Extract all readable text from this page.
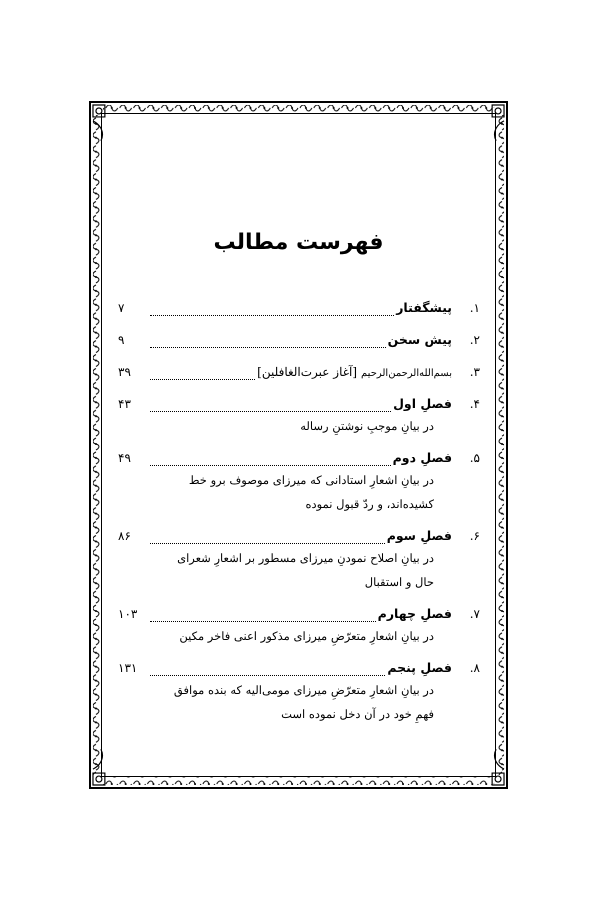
فهرست مطالب
۱.
پیشگفتار
۷
۲.
پیش سخن
۹
۳.
بسم‌الله‌الرحمن‌الرحیم
[آغاز عبرت‌الغافلین]
۳۹
۴.
فصلِ اول
۴۳
در بیانِ موجبِ نوشتنِ رساله
۵.
فصلِ دوم
۴۹
در بیانِ اشعارِ استادانی که میرزای موصوف برو خط کشیده‌اند، و ردّ قبول نموده
۶.
فصلِ سوم
۸۶
در بیانِ اصلاح نمودنِ میرزای مسطور بر اشعارِ شعرای حال و استقبال
۷.
فصلِ چهارم
۱۰۳
در بیانِ اشعارِ متعرّضِ میرزای مذکور اعنی فاخر مکین
۸.
فصلِ پنجم
۱۳۱
در بیانِ اشعارِ متعرّضِ میرزای مومی‌الیه که بنده موافق فهمِ خود در آن دخل نموده است
